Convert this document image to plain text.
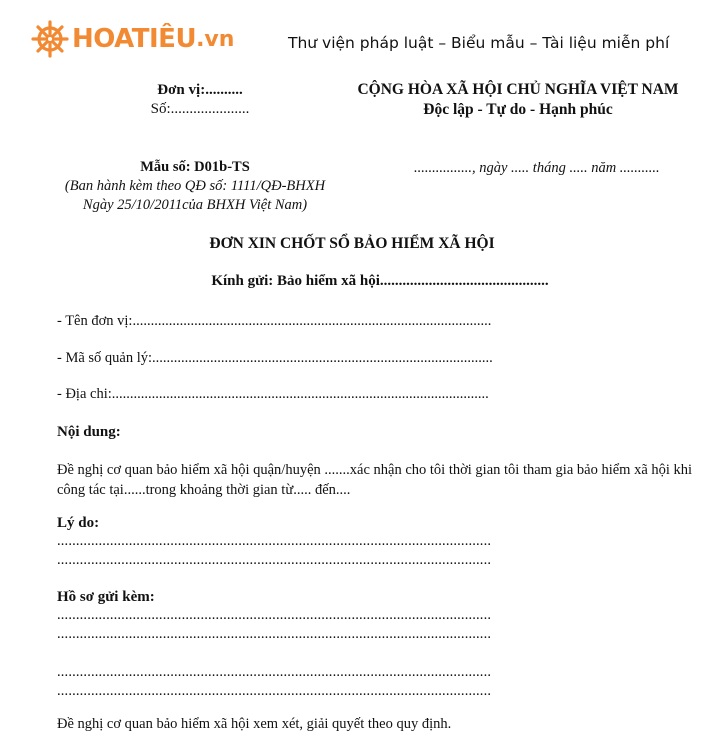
HOATIÊU .vn	Thư viện pháp luật – Biểu mẫu – Tài liệu miễn phí
Đơn vị:..........
Số:.....................
CỘNG HÒA XÃ HỘI CHỦ NGHĨA VIỆT NAM
Độc lập - Tự do - Hạnh phúc
Mẫu số: D01b-TS
(Ban hành kèm theo QĐ số: 1111/QĐ-BHXH
Ngày 25/10/2011của BHXH Việt Nam)
................, ngày ..... tháng ..... năm ...........
ĐƠN XIN CHỐT SỔ BẢO HIỂM XÃ HỘI
Kính gửi: Bảo hiểm xã hội.............................................
- Tên đơn vị:...................................................................................................
- Mã số quản lý:..............................................................................................
- Địa chi:........................................................................................................
Nội dung:
Đề nghị cơ quan bảo hiểm xã hội quận/huyện .......xác nhận cho tôi thời gian tôi tham gia bảo hiểm xã hội khi công tác tại......trong khoảng thời gian từ..... đến....
Lý do:
...................................................................................................................
...................................................................................................................
Hồ sơ gửi kèm:
...................................................................................................................
...................................................................................................................
...................................................................................................................
...................................................................................................................
Đề nghị cơ quan bảo hiểm xã hội xem xét, giải quyết theo quy định.
